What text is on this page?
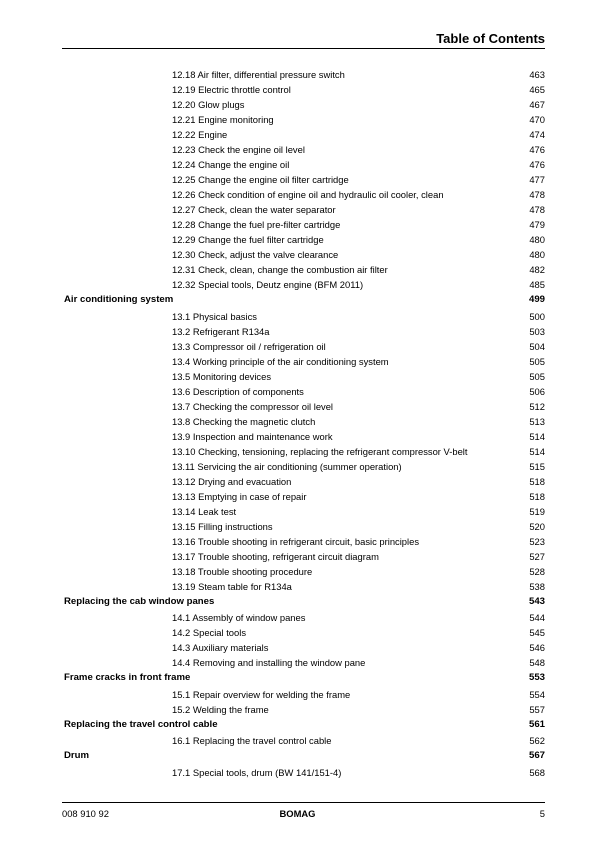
Table of Contents
12.18 Air filter, differential pressure switch	463
12.19 Electric throttle control	465
12.20 Glow plugs	467
12.21 Engine monitoring	470
12.22 Engine	474
12.23 Check the engine oil level	476
12.24 Change the engine oil	476
12.25 Change the engine oil filter cartridge	477
12.26 Check condition of engine oil and hydraulic oil cooler, clean	478
12.27 Check, clean the water separator	478
12.28 Change the fuel pre-filter cartridge	479
12.29 Change the fuel filter cartridge	480
12.30 Check, adjust the valve clearance	480
12.31 Check, clean, change the combustion air filter	482
12.32 Special tools, Deutz engine (BFM 2011)	485
Air conditioning system	499
13.1 Physical basics	500
13.2 Refrigerant R134a	503
13.3 Compressor oil / refrigeration oil	504
13.4 Working principle of the air conditioning system	505
13.5 Monitoring devices	505
13.6 Description of components	506
13.7 Checking the compressor oil level	512
13.8 Checking the magnetic clutch	513
13.9 Inspection and maintenance work	514
13.10 Checking, tensioning, replacing the refrigerant compressor V-belt	514
13.11 Servicing the air conditioning (summer operation)	515
13.12 Drying and evacuation	518
13.13 Emptying in case of repair	518
13.14 Leak test	519
13.15 Filling instructions	520
13.16 Trouble shooting in refrigerant circuit, basic principles	523
13.17 Trouble shooting, refrigerant circuit diagram	527
13.18 Trouble shooting procedure	528
13.19 Steam table for R134a	538
Replacing the cab window panes	543
14.1 Assembly of window panes	544
14.2 Special tools	545
14.3 Auxiliary materials	546
14.4 Removing and installing the window pane	548
Frame cracks in front frame	553
15.1 Repair overview for welding the frame	554
15.2 Welding the frame	557
Replacing the travel control cable	561
16.1 Replacing the travel control cable	562
Drum	567
17.1 Special tools, drum (BW 141/151-4)	568
008 910 92	BOMAG	5
